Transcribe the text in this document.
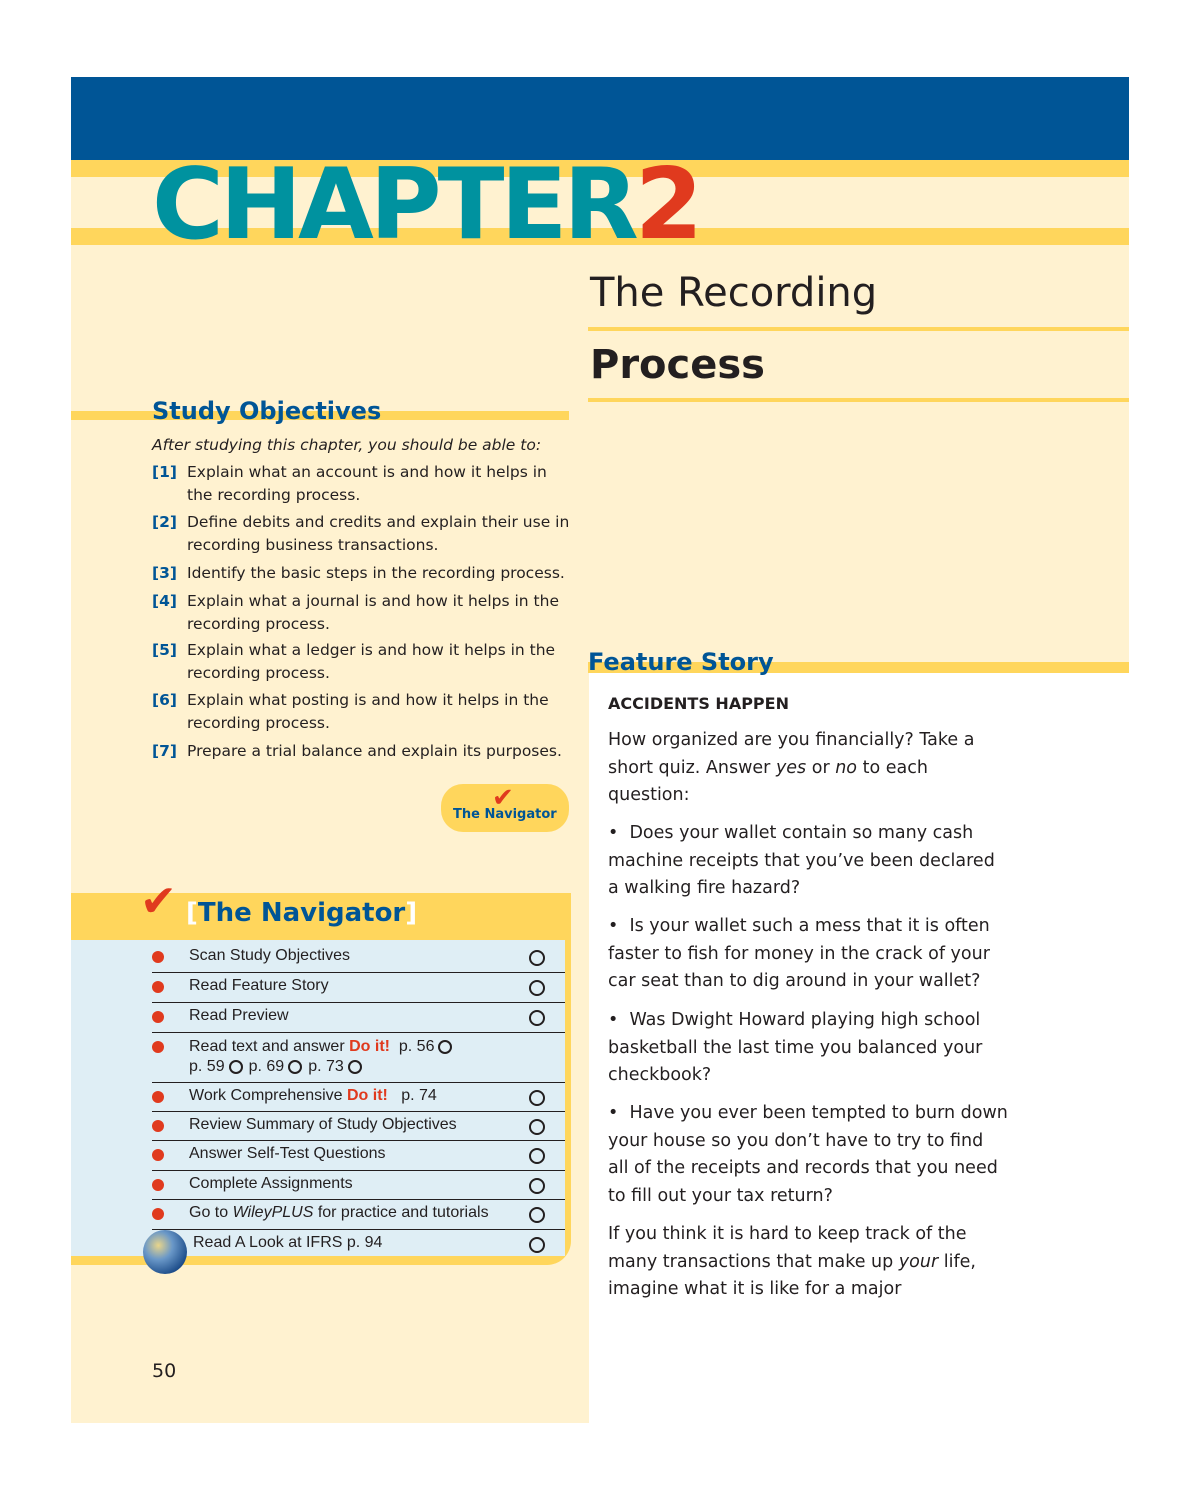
CHAPTER2
The Recording
Process
Study Objectives
After studying this chapter, you should be able to:
[1] Explain what an account is and how it helps in the recording process.
[2] Define debits and credits and explain their use in recording business transactions.
[3] Identify the basic steps in the recording process.
[4] Explain what a journal is and how it helps in the recording process.
[5] Explain what a ledger is and how it helps in the recording process.
[6] Explain what posting is and how it helps in the recording process.
[7] Prepare a trial balance and explain its purposes.
✔
The Navigator
✔ [The Navigator]
Scan Study Objectives
Read Feature Story
Read Preview
Read text and answer Do it! p. 56
p. 59 p. 69 p. 73
Work Comprehensive Do it! p. 74
Review Summary of Study Objectives
Answer Self-Test Questions
Complete Assignments
Go to WileyPLUS for practice and tutorials
Read A Look at IFRS p. 94
50
Feature Story
ACCIDENTS HAPPEN
How organized are you financially? Take a short quiz. Answer yes or no to each question:
•  Does your wallet contain so many cash machine receipts that you’ve been declared a walking fire hazard?
•  Is your wallet such a mess that it is often faster to fish for money in the crack of your car seat than to dig around in your wallet?
•  Was Dwight Howard playing high school basketball the last time you balanced your checkbook?
•  Have you ever been tempted to burn down your house so you don’t have to try to find all of the receipts and records that you need to fill out your tax return?
If you think it is hard to keep track of the many transactions that make up your life, imagine what it is like for a major
